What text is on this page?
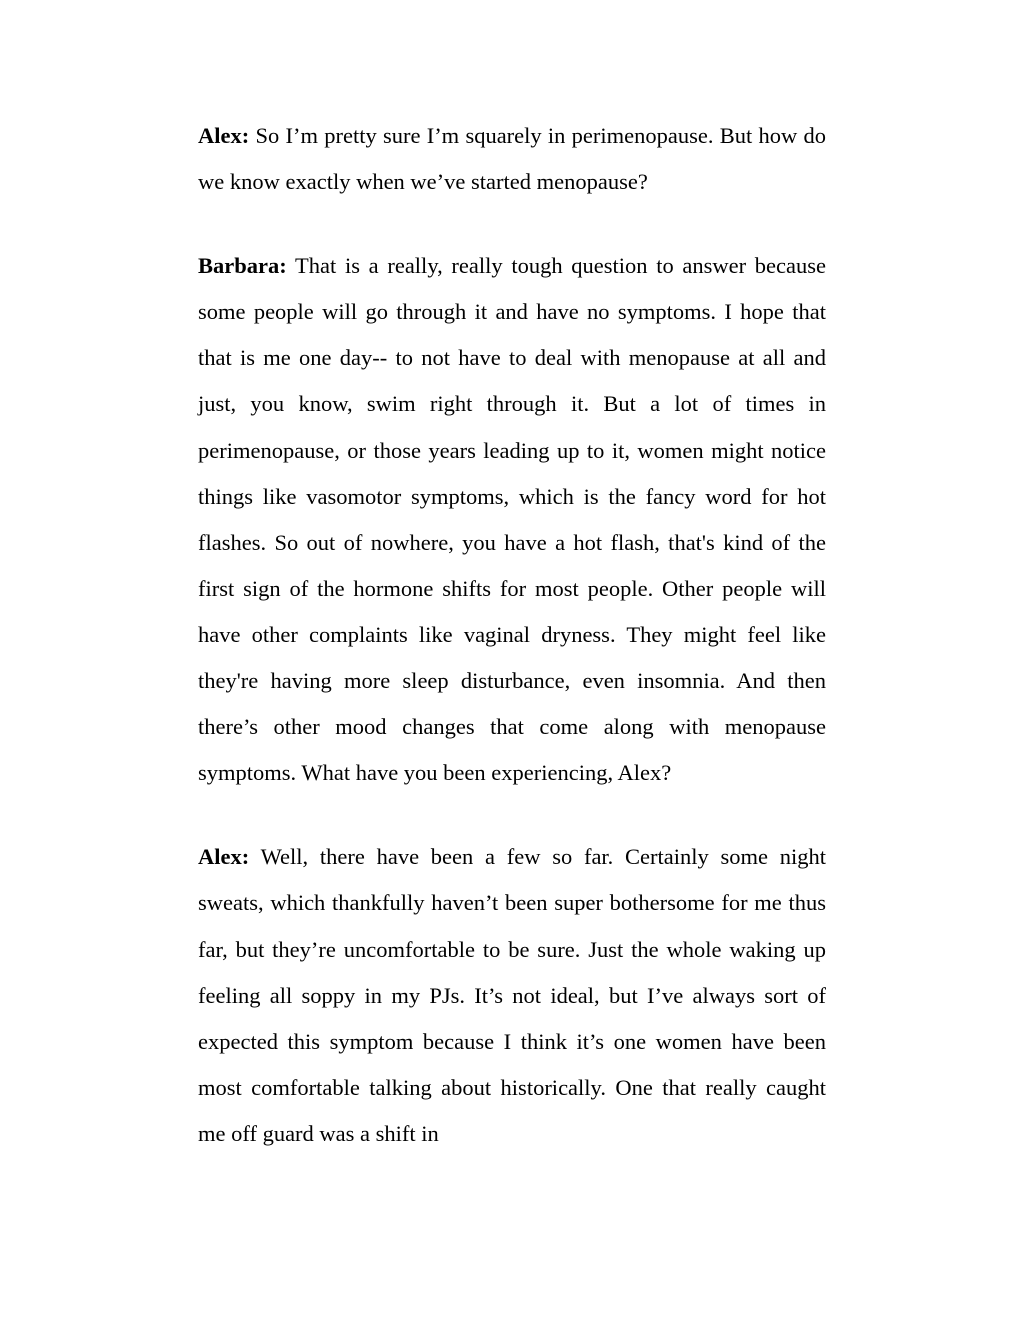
Alex: So I’m pretty sure I’m squarely in perimenopause. But how do we know exactly when we’ve started menopause?

Barbara: That is a really, really tough question to answer because some people will go through it and have no symptoms. I hope that that is me one day-- to not have to deal with menopause at all and just, you know, swim right through it. But a lot of times in perimenopause, or those years leading up to it, women might notice things like vasomotor symptoms, which is the fancy word for hot flashes. So out of nowhere, you have a hot flash, that's kind of the first sign of the hormone shifts for most people. Other people will have other complaints like vaginal dryness. They might feel like they're having more sleep disturbance, even insomnia. And then there’s other mood changes that come along with menopause symptoms. What have you been experiencing, Alex?

Alex: Well, there have been a few so far. Certainly some night sweats, which thankfully haven’t been super bothersome for me thus far, but they’re uncomfortable to be sure. Just the whole waking up feeling all soppy in my PJs. It’s not ideal, but I’ve always sort of expected this symptom because I think it’s one women have been most comfortable talking about historically. One that really caught me off guard was a shift in
